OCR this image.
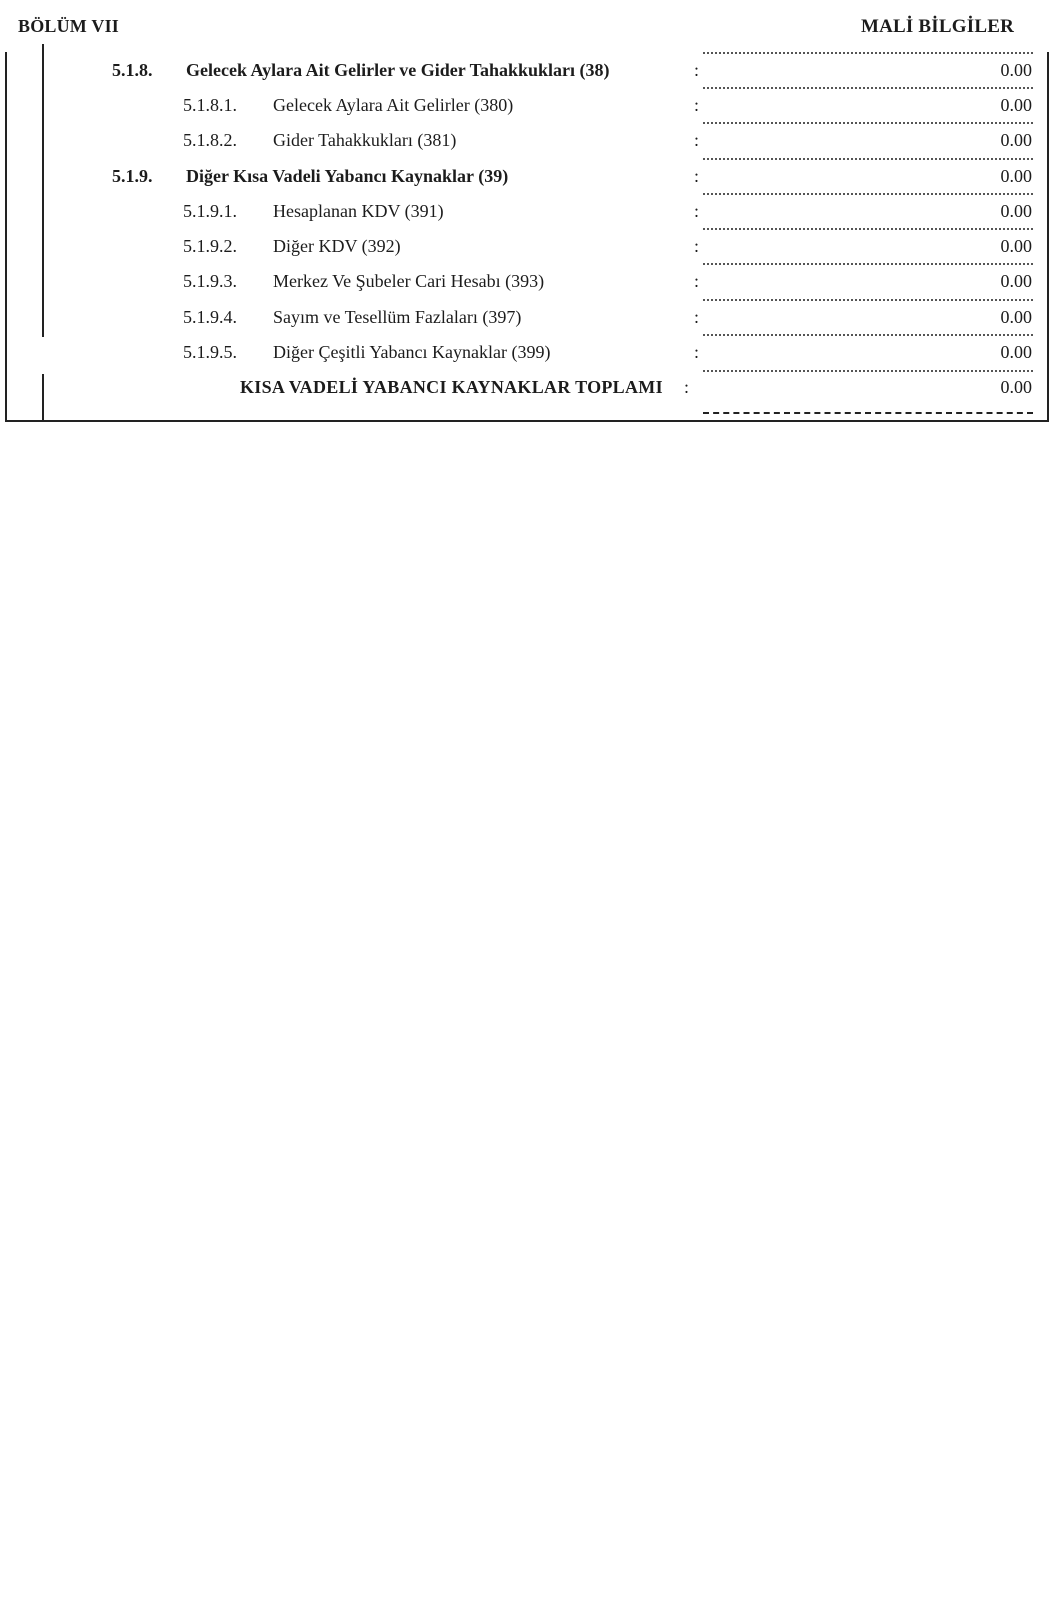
BÖLÜM VII	MALİ BİLGİLER
5.1.8. Gelecek Aylara Ait Gelirler ve Gider Tahakkukları (38)	:	0.00
5.1.8.1. Gelecek Aylara Ait Gelirler (380)	:	0.00
5.1.8.2. Gider Tahakkukları (381)	:	0.00
5.1.9. Diğer Kısa Vadeli Yabancı Kaynaklar (39)	:	0.00
5.1.9.1. Hesaplanan KDV (391)	:	0.00
5.1.9.2. Diğer KDV (392)	:	0.00
5.1.9.3. Merkez Ve Şubeler Cari Hesabı (393)	:	0.00
5.1.9.4. Sayım ve Tesellüm Fazlaları (397)	:	0.00
5.1.9.5. Diğer Çeşitli Yabancı Kaynaklar (399)	:	0.00
KISA VADELİ YABANCI KAYNAKLAR TOPLAMI :	0.00
